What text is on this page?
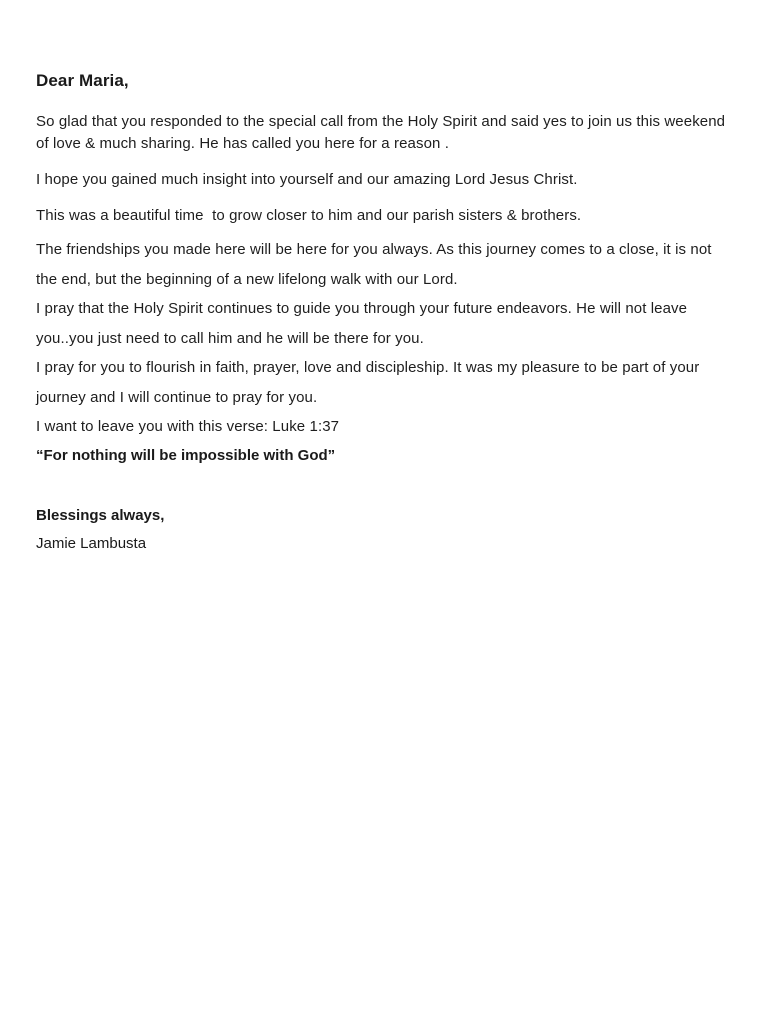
Dear Maria,

So glad that you responded to the special call from the Holy Spirit and said yes to join us this weekend of love & much sharing. He has called you here for a reason .

I hope you gained much insight into yourself and our amazing Lord Jesus Christ.

This was a beautiful time  to grow closer to him and our parish sisters & brothers.

The friendships you made here will be here for you always. As this journey comes to a close, it is not the end, but the beginning of a new lifelong walk with our Lord.

I pray that the Holy Spirit continues to guide you through your future endeavors. He will not leave you..you just need to call him and he will be there for you.

I pray for you to flourish in faith, prayer, love and discipleship. It was my pleasure to be part of your journey and I will continue to pray for you.

I want to leave you with this verse: Luke 1:37

“For nothing will be impossible with God”

Blessings always,

Jamie Lambusta
